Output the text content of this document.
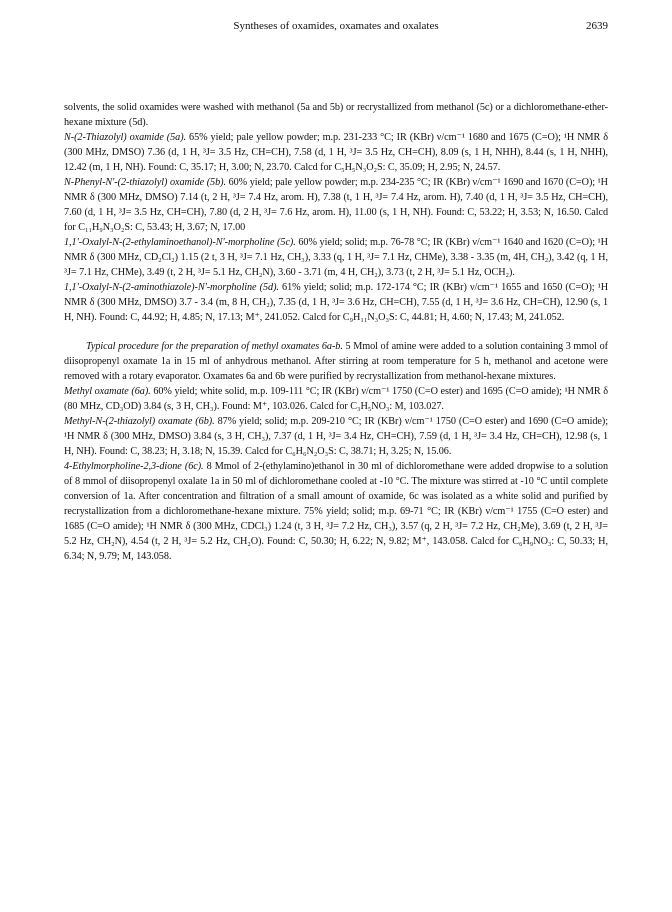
Syntheses of oxamides, oxamates and oxalates	2639

solvents, the solid oxamides were washed with methanol (5a and 5b) or recrystallized from methanol (5c) or a dichloromethane-ether-hexane mixture (5d).

N-(2-Thiazolyl) oxamide (5a). 65% yield; pale yellow powder; m.p. 231-233 °C; IR (KBr) ν/cm⁻¹ 1680 and 1675 (C=O); ¹H NMR δ (300 MHz, DMSO) 7.36 (d, 1 H, ³J= 3.5 Hz, CH=CH), 7.58 (d, 1 H, ³J= 3.5 Hz, CH=CH), 8.09 (s, 1 H, NHH), 8.44 (s, 1 H, NHH), 12.42 (m, 1 H, NH). Found: C, 35.17; H, 3.00; N, 23.70. Calcd for C₅H₅N₃O₂S: C, 35.09; H, 2.95; N, 24.57.

N-Phenyl-N'-(2-thiazolyl) oxamide (5b). 60% yield; pale yellow powder; m.p. 234-235 °C; IR (KBr) ν/cm⁻¹ 1690 and 1670 (C=O); ¹H NMR δ (300 MHz, DMSO) 7.14 (t, 2 H, ³J= 7.4 Hz, arom. H), 7.38 (t, 1 H, ³J= 7.4 Hz, arom. H), 7.40 (d, 1 H, ³J= 3.5 Hz, CH=CH), 7.60 (d, 1 H, ³J= 3.5 Hz, CH=CH), 7.80 (d, 2 H, ³J= 7.6 Hz, arom. H), 11.00 (s, 1 H, NH). Found: C, 53.22; H, 3.53; N, 16.50. Calcd for C₁₁H₉N₃O₂S: C, 53.43; H, 3.67; N, 17.00

1,1'-Oxalyl-N-(2-ethylaminoethanol)-N'-morpholine (5c). 60% yield; solid; m.p. 76-78 °C; IR (KBr) ν/cm⁻¹ 1640 and 1620 (C=O); ¹H NMR δ (300 MHz, CD₂Cl₂) 1.15 (2 t, 3 H, ³J= 7.1 Hz, CH₃), 3.33 (q, 1 H, ³J= 7.1 Hz, CHMe), 3.38 - 3.35 (m, 4H, CH₂), 3.42 (q, 1 H, ³J= 7.1 Hz, CHMe), 3.49 (t, 2 H, ³J= 5.1 Hz, CH₂N), 3.60 - 3.71 (m, 4 H, CH₂), 3.73 (t, 2 H, ³J= 5.1 Hz, OCH₂).

1,1'-Oxalyl-N-(2-aminothiazole)-N'-morpholine (5d). 61% yield; solid; m.p. 172-174 °C; IR (KBr) ν/cm⁻¹ 1655 and 1650 (C=O); ¹H NMR δ (300 MHz, DMSO) 3.7 - 3.4 (m, 8 H, CH₂), 7.35 (d, 1 H, ³J= 3.6 Hz, CH=CH), 7.55 (d, 1 H, ³J= 3.6 Hz, CH=CH), 12.90 (s, 1 H, NH). Found: C, 44.92; H, 4.85; N, 17.13; M⁺, 241.052. Calcd for C₉H₁₁N₃O₃S: C, 44.81; H, 4.60; N, 17.43; M, 241.052.

Typical procedure for the preparation of methyl oxamates 6a-b. 5 Mmol of amine were added to a solution containing 3 mmol of diisopropenyl oxamate 1a in 15 ml of anhydrous methanol. After stirring at room temperature for 5 h, methanol and acetone were removed with a rotary evaporator. Oxamates 6a and 6b were purified by recrystallization from methanol-hexane mixtures.

Methyl oxamate (6a). 60% yield; white solid, m.p. 109-111 °C; IR (KBr) ν/cm⁻¹ 1750 (C=O ester) and 1695 (C=O amide); ¹H NMR δ (80 MHz, CD₃OD) 3.84 (s, 3 H, CH₃). Found: M⁺, 103.026. Calcd for C₃H₅NO₃: M, 103.027.

Methyl-N-(2-thiazolyl) oxamate (6b). 87% yield; solid; m.p. 209-210 °C; IR (KBr) ν/cm⁻¹ 1750 (C=O ester) and 1690 (C=O amide); ¹H NMR δ (300 MHz, DMSO) 3.84 (s, 3 H, CH₃), 7.37 (d, 1 H, ³J= 3.4 Hz, CH=CH), 7.59 (d, 1 H, ³J= 3.4 Hz, CH=CH), 12.98 (s, 1 H, NH). Found: C, 38.23; H, 3.18; N, 15.39. Calcd for C₆H₆N₂O₃S: C, 38.71; H, 3.25; N, 15.06.

4-Ethylmorpholine-2,3-dione (6c). 8 Mmol of 2-(ethylamino)ethanol in 30 ml of dichloromethane were added dropwise to a solution of 8 mmol of diisopropenyl oxalate 1a in 50 ml of dichloromethane cooled at -10 °C. The mixture was stirred at -10 °C until complete conversion of 1a. After concentration and filtration of a small amount of oxamide, 6c was isolated as a white solid and purified by recrystallization from a dichloromethane-hexane mixture. 75% yield; solid; m.p. 69-71 °C; IR (KBr) ν/cm⁻¹ 1755 (C=O ester) and 1685 (C=O amide); ¹H NMR δ (300 MHz, CDCl₃) 1.24 (t, 3 H, ³J= 7.2 Hz, CH₃), 3.57 (q, 2 H, ³J= 7.2 Hz, CH₂Me), 3.69 (t, 2 H, ³J= 5.2 Hz, CH₂N), 4.54 (t, 2 H, ³J= 5.2 Hz, CH₂O). Found: C, 50.30; H, 6.22; N, 9.82; M⁺, 143.058. Calcd for C₆H₉NO₃: C, 50.33; H, 6.34; N, 9.79; M, 143.058.
